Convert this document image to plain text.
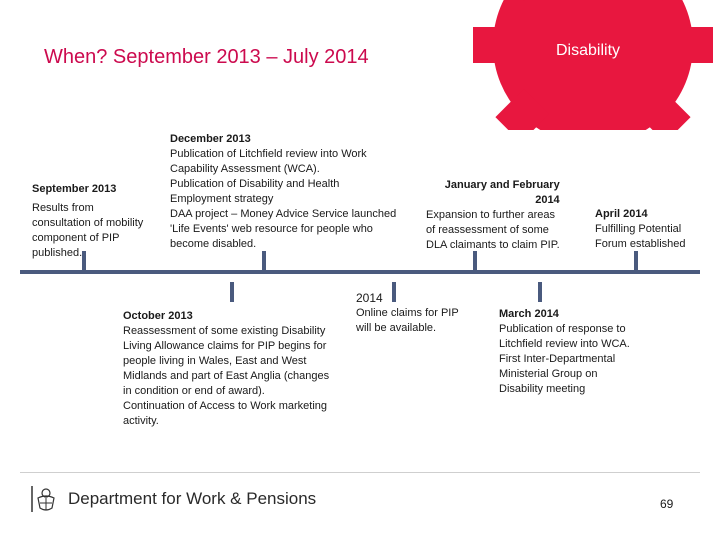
When? September 2013 – July 2014	Disability
September 2013
Results from
consultation of mobility
component of PIP
published.
December 2013
Publication of Litchfield review into Work
Capability Assessment (WCA).
Publication of Disability and Health
Employment strategy
DAA project – Money Advice Service launched
'Life Events' web resource for people who
become disabled.
January and February
2014
Expansion to further areas
of reassessment of some
DLA claimants to claim PIP.
April 2014
Fulfilling Potential
Forum established
October 2013
Reassessment of some existing Disability
Living Allowance claims for PIP begins for
people living in Wales, East and West
Midlands and part of East Anglia (changes
in condition or end of award).
Continuation of Access to Work marketing
activity.
2014
Online claims for PIP
will be available.
March 2014
Publication of response to
Litchfield review into WCA.
First Inter-Departmental
Ministerial Group on
Disability meeting
Department for Work & Pensions	69
